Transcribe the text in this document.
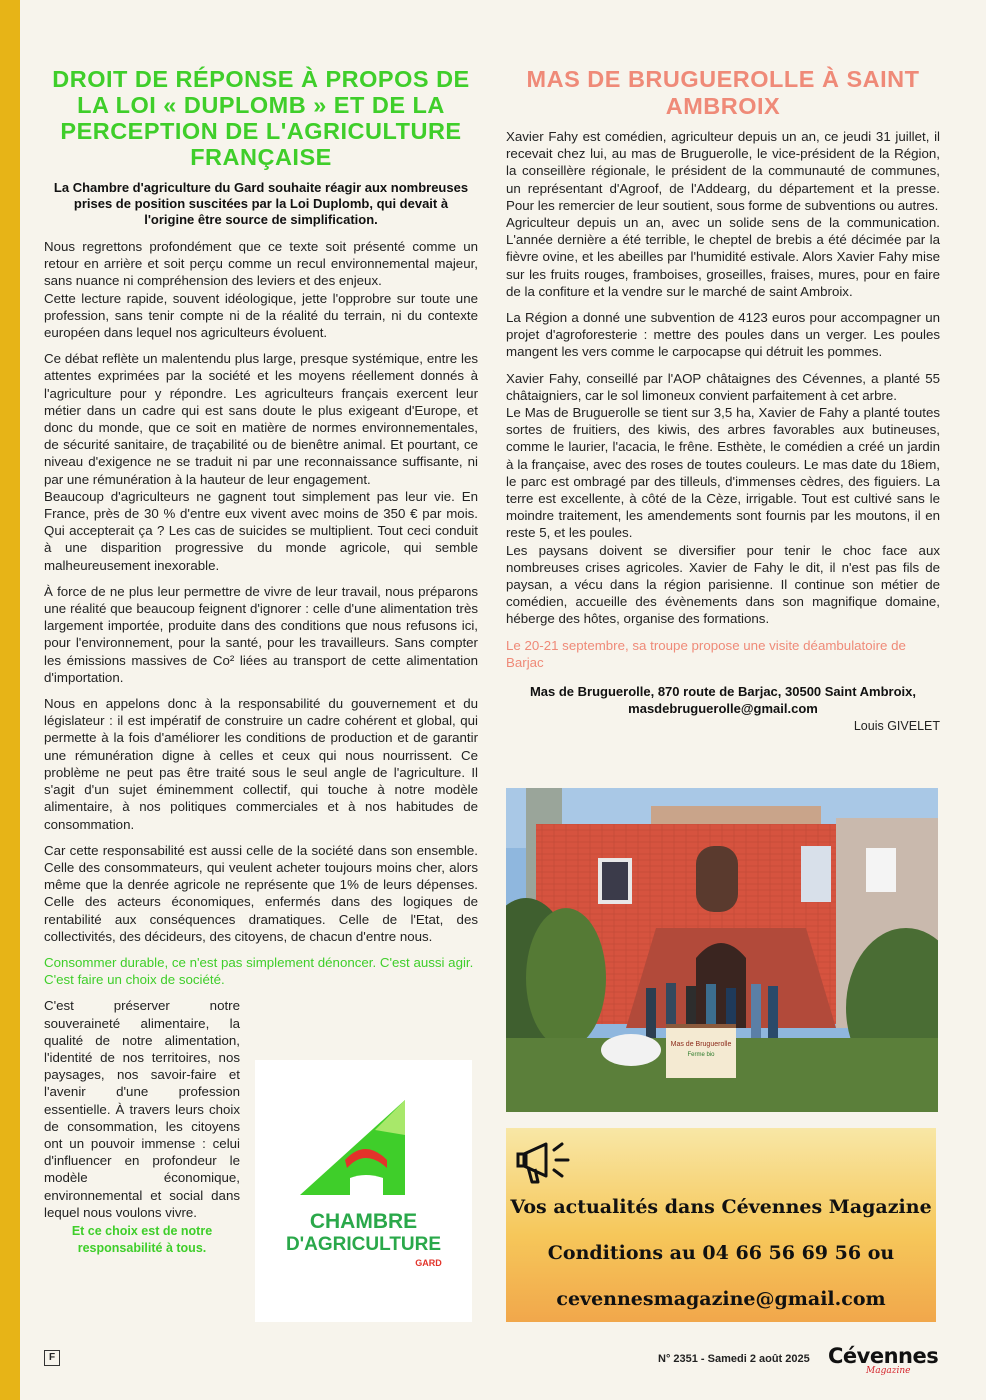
DROIT DE RÉPONSE À PROPOS DE LA LOI « DUPLOMB » ET DE LA PERCEPTION DE L'AGRICULTURE FRANÇAISE
La Chambre d'agriculture du Gard souhaite réagir aux nombreuses prises de position suscitées par la Loi Duplomb, qui devait à l'origine être source de simplification.

Nous regrettons profondément que ce texte soit présenté comme un retour en arrière et soit perçu comme un recul environnemental majeur, sans nuance ni compréhension des leviers et des enjeux.

Cette lecture rapide, souvent idéologique, jette l'opprobre sur toute une profession, sans tenir compte ni de la réalité du terrain, ni du contexte européen dans lequel nos agriculteurs évoluent.

Ce débat reflète un malentendu plus large, presque systémique, entre les attentes exprimées par la société et les moyens réellement donnés à l'agriculture pour y répondre. Les agriculteurs français exercent leur métier dans un cadre qui est sans doute le plus exigeant d'Europe, et donc du monde, que ce soit en matière de normes environnementales, de sécurité sanitaire, de traçabilité ou de bienêtre animal. Et pourtant, ce niveau d'exigence ne se traduit ni par une reconnaissance suffisante, ni par une rémunération à la hauteur de leur engagement.

Beaucoup d'agriculteurs ne gagnent tout simplement pas leur vie. En France, près de 30 % d'entre eux vivent avec moins de 350 € par mois. Qui accepterait ça ? Les cas de suicides se multiplient. Tout ceci conduit à une disparition progressive du monde agricole, qui semble malheureusement inexorable.

À force de ne plus leur permettre de vivre de leur travail, nous préparons une réalité que beaucoup feignent d'ignorer : celle d'une alimentation très largement importée, produite dans des conditions que nous refusons ici, pour l'environnement, pour la santé, pour les travailleurs. Sans compter les émissions massives de Co² liées au transport de cette alimentation d'importation.

Nous en appelons donc à la responsabilité du gouvernement et du législateur : il est impératif de construire un cadre cohérent et global, qui permette à la fois d'améliorer les conditions de production et de garantir une rémunération digne à celles et ceux qui nous nourrissent. Ce problème ne peut pas être traité sous le seul angle de l'agriculture. Il s'agit d'un sujet éminemment collectif, qui touche à notre modèle alimentaire, à nos politiques commerciales et à nos habitudes de consommation.

Car cette responsabilité est aussi celle de la société dans son ensemble. Celle des consommateurs, qui veulent acheter toujours moins cher, alors même que la denrée agricole ne représente que 1% de leurs dépenses. Celle des acteurs économiques, enfermés dans des logiques de rentabilité aux conséquences dramatiques. Celle de l'Etat, des collectivités, des décideurs, des citoyens, de chacun d'entre nous.

Consommer durable, ce n'est pas simplement dénoncer. C'est aussi agir. C'est faire un choix de société.

C'est préserver notre souveraineté alimentaire, la qualité de notre alimentation, l'identité de nos territoires, nos paysages, nos savoir-faire et l'avenir d'une profession essentielle. À travers leurs choix de consommation, les citoyens ont un pouvoir immense : celui d'influencer en profondeur le modèle économique, environnemental et social dans lequel nous voulons vivre.

Et ce choix est de notre responsabilité à tous.
CHAMBRE
D'AGRICULTURE
GARD
MAS DE BRUGUEROLLE À SAINT AMBROIX

Xavier Fahy est comédien, agriculteur depuis un an, ce jeudi 31 juillet, il recevait chez lui, au mas de Bruguerolle, le vice-président de la Région, la conseillère régionale, le président de la communauté de communes, un représentant d'Agroof, de l'Addearg, du département et la presse. Pour les remercier de leur soutient, sous forme de subventions ou autres.

Agriculteur depuis un an, avec un solide sens de la communication. L'année dernière a été terrible, le cheptel de brebis a été décimée par la fièvre ovine, et les abeilles par l'humidité estivale. Alors Xavier Fahy mise sur les fruits rouges, framboises, groseilles, fraises, mures, pour en faire de la confiture et la vendre sur le marché de saint Ambroix.

La Région a donné une subvention de 4123 euros pour accompagner un projet d'agroforesterie : mettre des poules dans un verger. Les poules mangent les vers comme le carpocapse qui détruit les pommes.

Xavier Fahy, conseillé par l'AOP châtaignes des Cévennes, a planté 55 châtaigniers, car le sol limoneux convient parfaitement à cet arbre.

Le Mas de Bruguerolle se tient sur 3,5 ha, Xavier de Fahy a planté toutes sortes de fruitiers, des kiwis, des arbres favorables aux butineuses, comme le laurier, l'acacia, le frêne. Esthète, le comédien a créé un jardin à la française, avec des roses de toutes couleurs. Le mas date du 18iem, le parc est ombragé par des tilleuls, d'immenses cèdres, des figuiers. La terre est excellente, à côté de la Cèze, irrigable. Tout est cultivé sans le moindre traitement, les amendements sont fournis par les moutons, il en reste 5, et les poules.

Les paysans doivent se diversifier pour tenir le choc face aux nombreuses crises agricoles. Xavier de Fahy le dit, il n'est pas fils de paysan, a vécu dans la région parisienne. Il continue son métier de comédien, accueille des évènements dans son magnifique domaine, héberge des hôtes, organise des formations.

Le 20-21 septembre, sa troupe propose une visite déambulatoire de Barjac

Mas de Bruguerolle, 870 route de Barjac, 30500 Saint Ambroix,
masdebruguerolle@gmail.com
Louis GIVELET
Mas de Bruguerolle
Ferme bio
Vos actualités dans Cévennes Magazine
Conditions au 04 66 56 69 56 ou
cevennesmagazine@gmail.com
F	N° 2351 - Samedi 2 août 2025 Cévennes
Magazine
